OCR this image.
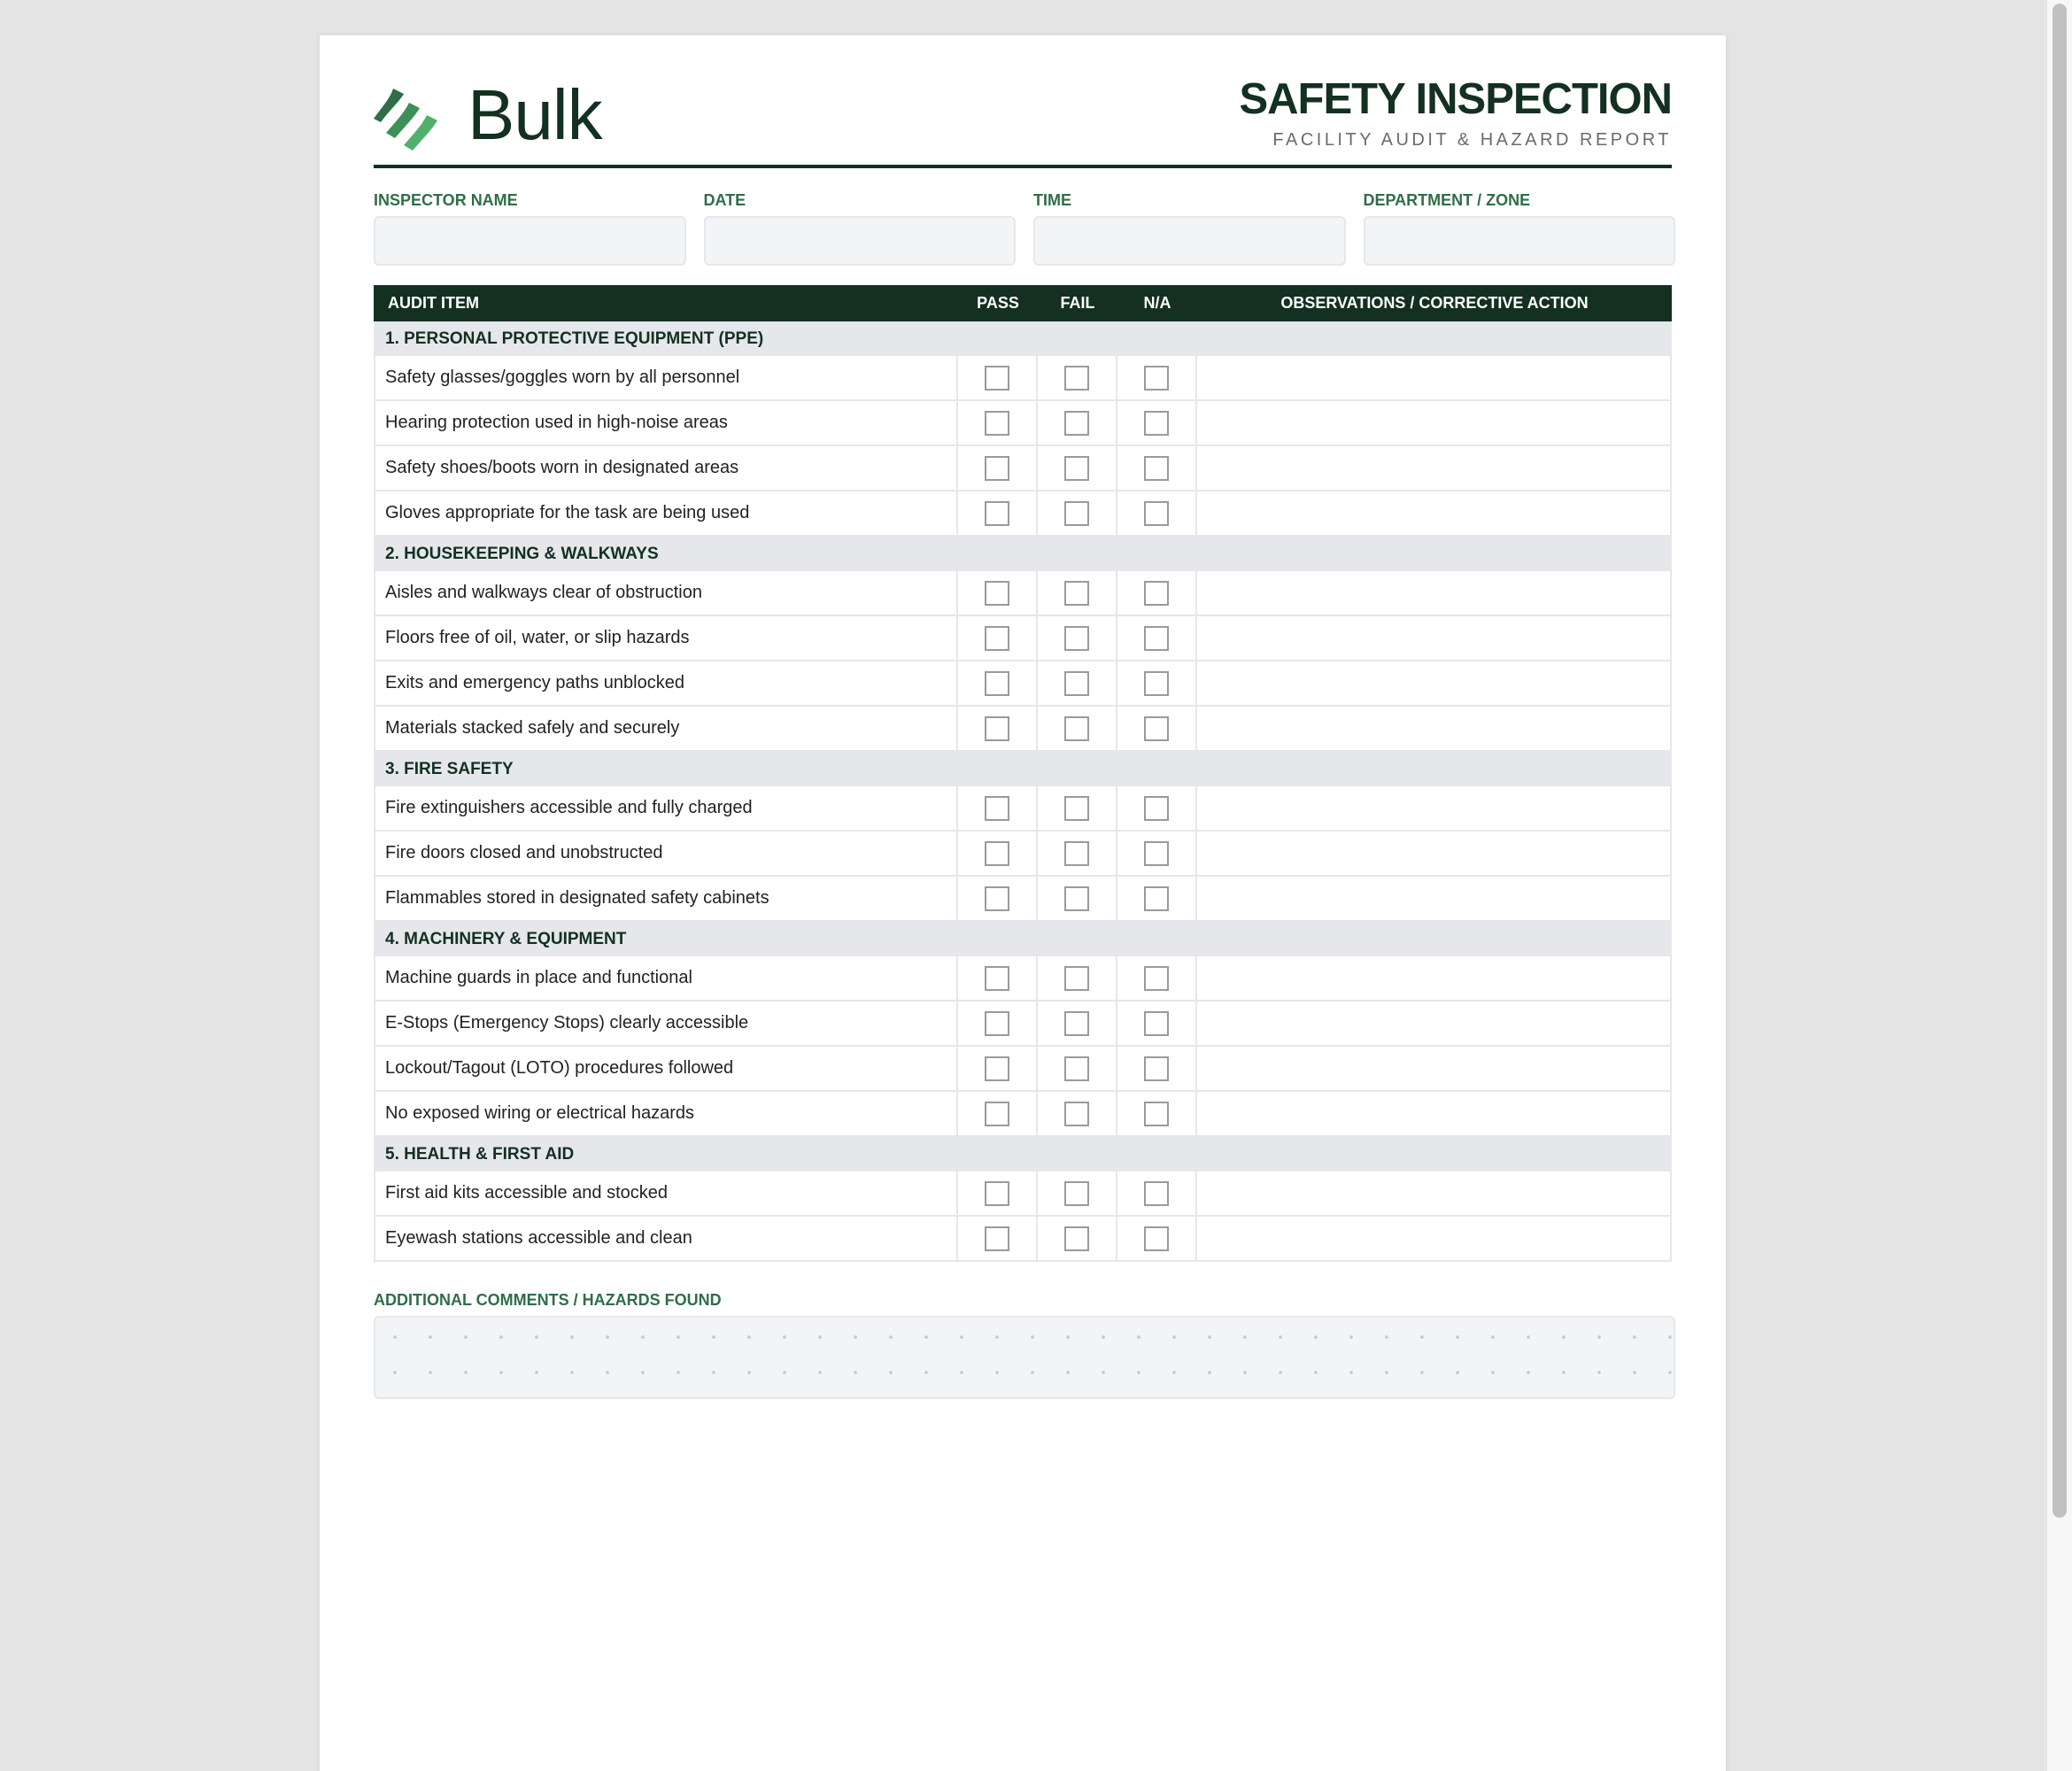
Bulk	SAFETY INSPECTION
FACILITY AUDIT & HAZARD REPORT
INSPECTOR NAME	DATE	TIME	DEPARTMENT / ZONE
AUDIT ITEM	PASS	FAIL	N/A	OBSERVATIONS / CORRECTIVE ACTION
1. PERSONAL PROTECTIVE EQUIPMENT (PPE)
Safety glasses/goggles worn by all personnel
Hearing protection used in high-noise areas
Safety shoes/boots worn in designated areas
Gloves appropriate for the task are being used
2. HOUSEKEEPING & WALKWAYS
Aisles and walkways clear of obstruction
Floors free of oil, water, or slip hazards
Exits and emergency paths unblocked
Materials stacked safely and securely
3. FIRE SAFETY
Fire extinguishers accessible and fully charged
Fire doors closed and unobstructed
Flammables stored in designated safety cabinets
4. MACHINERY & EQUIPMENT
Machine guards in place and functional
E-Stops (Emergency Stops) clearly accessible
Lockout/Tagout (LOTO) procedures followed
No exposed wiring or electrical hazards
5. HEALTH & FIRST AID
First aid kits accessible and stocked
Eyewash stations accessible and clean
ADDITIONAL COMMENTS / HAZARDS FOUND
